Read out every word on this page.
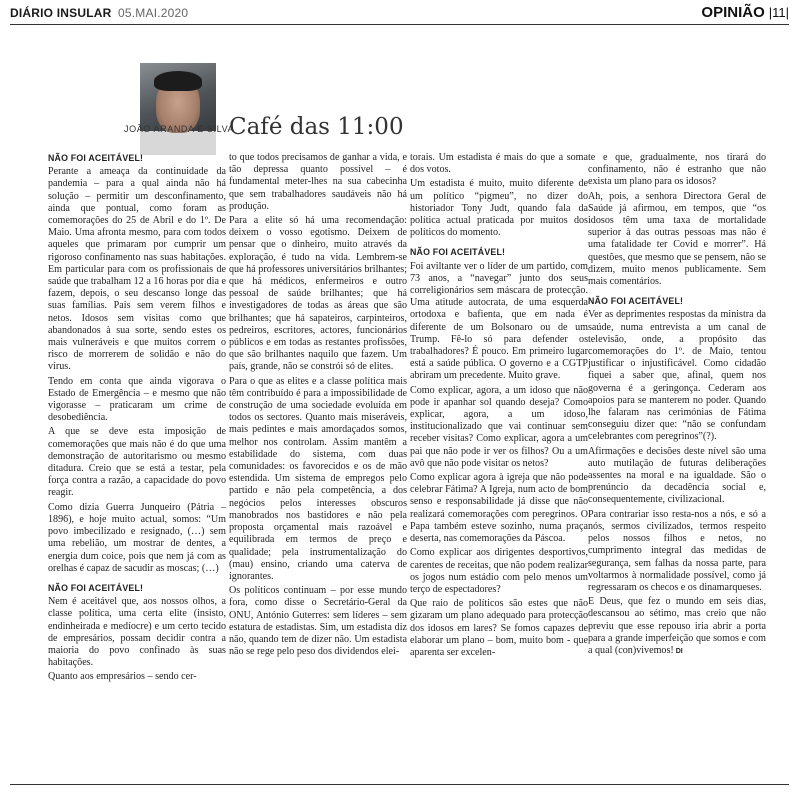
DIÁRIO INSULAR 05.MAI.2020	OPINIÃO |11|
JOÃO ARANDA E SILVA
Café das 11:00
NÃO FOI ACEITÁVEL!

Perante a ameaça da continuidade da pandemia – para a qual ainda não há solução – permitir um desconfinamento, ainda que pontual, como foram as comemorações do 25 de Abril e do 1º. De Maio. Uma afronta mesmo, para com todos aqueles que primaram por cumprir um rigoroso confinamento nas suas habitações. Em particular para com os profissionais de saúde que trabalham 12 a 16 horas por dia e fazem, depois, o seu descanso longe das suas famílias. Pais sem verem filhos e netos. Idosos sem visitas como que abandonados à sua sorte, sendo estes os mais vulneráveis e que muitos correm o risco de morrerem de solidão e não do vírus.

Tendo em conta que ainda vigorava o Estado de Emergência – e mesmo que não vigorasse – praticaram um crime de desobediência.

A que se deve esta imposição de comemorações que mais não é do que uma demonstração de autoritarismo ou mesmo ditadura. Creio que se está a testar, pela força contra a razão, a capacidade do povo reagir.

Como dizia Guerra Junqueiro (Pátria – 1896), e hoje muito actual, somos: “Um povo imbecilizado e resignado, (…) sem uma rebelião, um mostrar de dentes, a energia dum coice, pois que nem já com as orelhas é capaz de sacudir as moscas; (…)

NÃO FOI ACEITÁVEL!

Nem é aceitável que, aos nossos olhos, a classe política, uma certa elite (insisto, endinheirada e medíocre) e um certo tecido de empresários, possam decidir contra a maioria do povo confinado às suas habitações.

Quanto aos empresários – sendo cer-

to que todos precisamos de ganhar a vida, e tão depressa quanto possível – é fundamental meter-lhes na sua cabecinha que sem trabalhadores saudáveis não há produção.

Para a elite só há uma recomendação: deixem o vosso egotismo. Deixem de pensar que o dinheiro, muito através da exploração, é tudo na vida. Lembrem-se que há professores universitários brilhantes; que há médicos, enfermeiros e outro pessoal de saúde brilhantes; que há investigadores de todas as áreas que são brilhantes; que há sapateiros, carpinteiros, pedreiros, escritores, actores, funcionários públicos e em todas as restantes profissões, que são brilhantes naquilo que fazem. Um país, grande, não se constrói só de elites.

Para o que as elites e a classe política mais têm contribuído é para a impossibilidade de construção de uma sociedade evoluída em todos os sectores. Quanto mais miseráveis, mais pedintes e mais amordaçados somos, melhor nos controlam. Assim mantêm a estabilidade do sistema, com duas comunidades: os favorecidos e os de mão estendida. Um sistema de empregos pelo partido e não pela competência, a dos negócios pelos interesses obscuros manobrados nos bastidores e não pela proposta orçamental mais razoável e equilibrada em termos de preço e qualidade; pela instrumentalização do (mau) ensino, criando uma caterva de ignorantes.

Os políticos continuam – por esse mundo fora, como disse o Secretário-Geral da ONU, António Guterres: sem líderes – sem estatura de estadistas. Sim, um estadista diz não, quando tem de dizer não. Um estadista não se rege pelo peso dos dividendos elei-

torais. Um estadista é mais do que a soma dos votos.

Um estadista é muito, muito diferente de um político “pigmeu”, no dizer do historiador Tony Judt, quando fala da política actual praticada por muitos dos políticos do momento.

NÃO FOI ACEITÁVEL!

Foi aviltante ver o líder de um partido, com 73 anos, a “navegar” junto dos seus correligionários sem máscara de protecção. Uma atitude autocrata, de uma esquerda ortodoxa e bafienta, que em nada é diferente de um Bolsonaro ou de um Trump. Fê-lo só para defender os trabalhadores? É pouco. Em primeiro lugar está a saúde pública. O governo e a CGTP abriram um precedente. Muito grave.

Como explicar, agora, a um idoso que não pode ir apanhar sol quando deseja? Como explicar, agora, a um idoso, institucionalizado que vai continuar sem receber visitas? Como explicar, agora a um pai que não pode ir ver os filhos? Ou a um avô que não pode visitar os netos?

Como explicar agora à igreja que não pode celebrar Fátima? A Igreja, num acto de bom senso e responsabilidade já disse que não realizará comemorações com peregrinos. O Papa também esteve sozinho, numa praça deserta, nas comemorações da Páscoa.

Como explicar aos dirigentes desportivos, carentes de receitas, que não podem realizar os jogos num estádio com pelo menos um terço de espectadores?

Que raio de políticos são estes que não gizaram um plano adequado para protecção dos idosos em lares? Se fomos capazes de elaborar um plano – bom, muito bom - que aparenta ser excelen-

te e que, gradualmente, nos tirará do confinamento, não é estranho que não exista um plano para os idosos?

Ah, pois, a senhora Directora Geral de Saúde já afirmou, em tempos, que “os idosos têm uma taxa de mortalidade superior à das outras pessoas mas não é uma fatalidade ter Covid e morrer”. Há questões, que mesmo que se pensem, não se dizem, muito menos publicamente. Sem mais comentários.

NÃO FOI ACEITÁVEL!

Ver as deprimentes respostas da ministra da saúde, numa entrevista a um canal de televisão, onde, a propósito das comemorações do 1º. de Maio, tentou justificar o injustificável. Como cidadão fiquei a saber que, afinal, quem nos governa é a geringonça. Cederam aos apoios para se manterem no poder. Quando lhe falaram nas cerimónias de Fátima conseguiu dizer que: “não se confundam celebrantes com peregrinos”(?).

Afirmações e decisões deste nível são uma auto mutilação de futuras deliberações assentes na moral e na igualdade. São o prenúncio da decadência social e, consequentemente, civilizacional.

Para contrariar isso resta-nos a nós, e só a nós, sermos civilizados, termos respeito pelos nossos filhos e netos, no cumprimento integral das medidas de segurança, sem falhas da nossa parte, para voltarmos à normalidade possível, como já regressaram os checos e os dinamarqueses.

E Deus, que fez o mundo em seis dias, descansou ao sétimo, mas creio que não previu que esse repouso iria abrir a porta para a grande imperfeição que somos e com a qual (con)vivemos! DI
